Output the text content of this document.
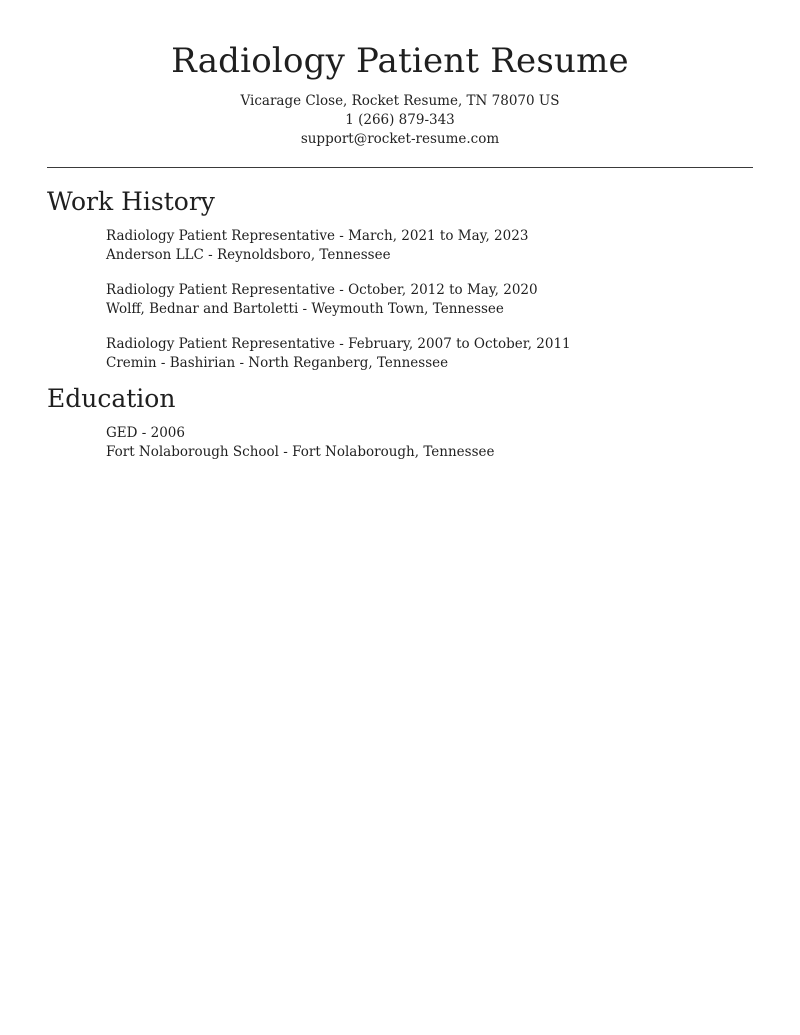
Radiology Patient Resume
Vicarage Close, Rocket Resume, TN 78070 US
1 (266) 879-343
support@rocket-resume.com
Work History
Radiology Patient Representative - March, 2021 to May, 2023
Anderson LLC - Reynoldsboro, Tennessee
Radiology Patient Representative - October, 2012 to May, 2020
Wolff, Bednar and Bartoletti - Weymouth Town, Tennessee
Radiology Patient Representative - February, 2007 to October, 2011
Cremin - Bashirian - North Reganberg, Tennessee
Education
GED - 2006
Fort Nolaborough School - Fort Nolaborough, Tennessee
